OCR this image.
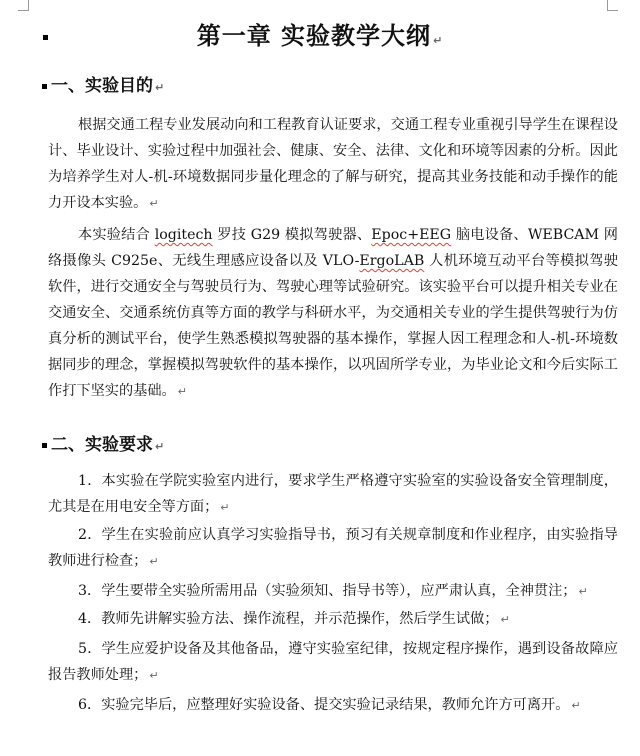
第一章 实验教学大纲 ↵
一、实验目的 ↵
根据交通工程专业发展动向和工程教育认证要求，交通工程专业重视引导学生在课程设计、毕业设计、实验过程中加强社会、健康、安全、法律、文化和环境等因素的分析。因此为培养学生对人-机-环境数据同步量化理念的了解与研究，提高其业务技能和动手操作的能力开设本实验。 ↵
本实验结合 logitech 罗技 G29 模拟驾驶器、Epoc+EEG 脑电设备、WEBCAM 网络摄像头 C925e、无线生理感应设备以及 VLO-ErgoLAB 人机环境互动平台等模拟驾驶软件，进行交通安全与驾驶员行为、驾驶心理等试验研究。该实验平台可以提升相关专业在交通安全、交通系统仿真等方面的教学与科研水平，为交通相关专业的学生提供驾驶行为仿真分析的测试平台，使学生熟悉模拟驾驶器的基本操作，掌握人因工程理念和人-机-环境数据同步的理念，掌握模拟驾驶软件的基本操作，以巩固所学专业，为毕业论文和今后实际工作打下坚实的基础。 ↵
二、实验要求 ↵
1．本实验在学院实验室内进行，要求学生严格遵守实验室的实验设备安全管理制度，尤其是在用电安全等方面； ↵
2．学生在实验前应认真学习实验指导书，预习有关规章制度和作业程序，由实验指导教师进行检查； ↵
3．学生要带全实验所需用品（实验须知、指导书等），应严肃认真，全神贯注； ↵
4．教师先讲解实验方法、操作流程，并示范操作，然后学生试做； ↵
5．学生应爱护设备及其他备品，遵守实验室纪律，按规定程序操作，遇到设备故障应报告教师处理； ↵
6．实验完毕后，应整理好实验设备、提交实验记录结果，教师允许方可离开。 ↵
